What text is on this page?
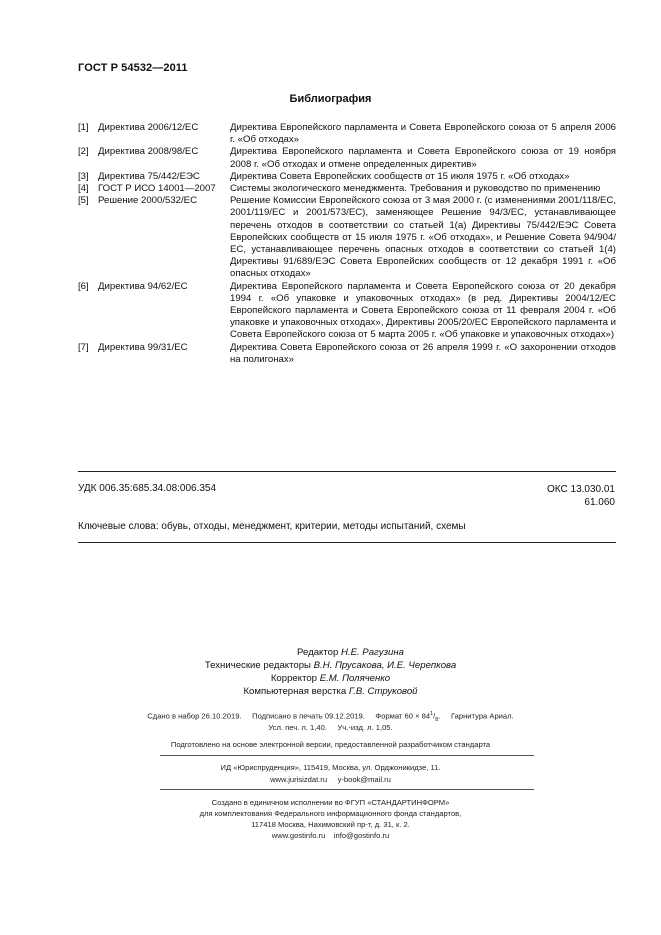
ГОСТ Р 54532—2011
Библиография
[1] Директива 2006/12/ЕС	Директива Европейского парламента и Совета Европейского союза от 5 апреля 2006 г. «Об отходах»
[2] Директива 2008/98/ЕС	Директива Европейского парламента и Совета Европейского союза от 19 ноября 2008 г. «Об отходах и отмене определенных директив»
[3] Директива 75/442/ЕЭС	Директива Совета Европейских сообществ от 15 июля 1975 г. «Об отходах»
[4] ГОСТ Р ИСО 14001—2007	Системы экологического менеджмента. Требования и руководство по применению
[5] Решение 2000/532/ЕС	Решение Комиссии Европейского союза от 3 мая 2000 г. (с изменениями 2001/118/ЕС, 2001/119/ЕС и 2001/573/ЕС), заменяющее Решение 94/3/ЕС, устанавливающее перечень отходов в соответствии со статьей 1(а) Директивы 75/442/ЕЭС Совета Европейских сообществ от 15 июля 1975 г. «Об отходах», и Решение Совета 94/904/ЕС, устанавливающее перечень опасных отходов в соответствии со статьей 1(4) Директивы 91/689/ЕЭС Совета Европейских сообществ от 12 декабря 1991 г. «Об опасных отходах»
[6] Директива 94/62/ЕС	Директива Европейского парламента и Совета Европейского союза от 20 декабря 1994 г. «Об упаковке и упаковочных отходах» (в ред. Директивы 2004/12/ЕС Европейского парламента и Совета Европейского союза от 11 февраля 2004 г. «Об упаковке и упаковочных отходах», Директивы 2005/20/ЕС Европейского парламента и Совета Европейского союза от 5 марта 2005 г. «Об упаковке и упаковочных отходах»)
[7] Директива 99/31/ЕС	Директива Совета Европейского союза от 26 апреля 1999 г. «О захоронении отходов на полигонах»
УДК 006.35:685.34.08:006.354	ОКС 13.030.01
61.060
Ключевые слова: обувь, отходы, менеджмент, критерии, методы испытаний, схемы
Редактор Н.Е. Рагузина
Технические редакторы В.Н. Прусакова, И.Е. Черепкова
Корректор Е.М. Поляченко
Компьютерная верстка Г.В. Струковой
Сдано в набор 26.10.2019. Подписано в печать 09.12.2019. Формат $60 \times 84^1/_8$.     Гарнитура Ариал.
Усл. печ. л. 1,40. Уч.-изд. л. 1,05.
Подготовлено на основе электронной версии, предоставленной разработчиком стандарта
ИД «Юриспруденция», 115419, Москва, ул. Орджоникидзе, 11.
www.jurisizdat.ru y-book@mail.ru
Создано в единичном исполнении во ФГУП «СТАНДАРТИНФОРМ»
для комплектования Федерального информационного фонда стандартов,
117418 Москва, Нахимовский пр-т, д. 31, к. 2.
www.gostinfo.ru info@gostinfo.ru
